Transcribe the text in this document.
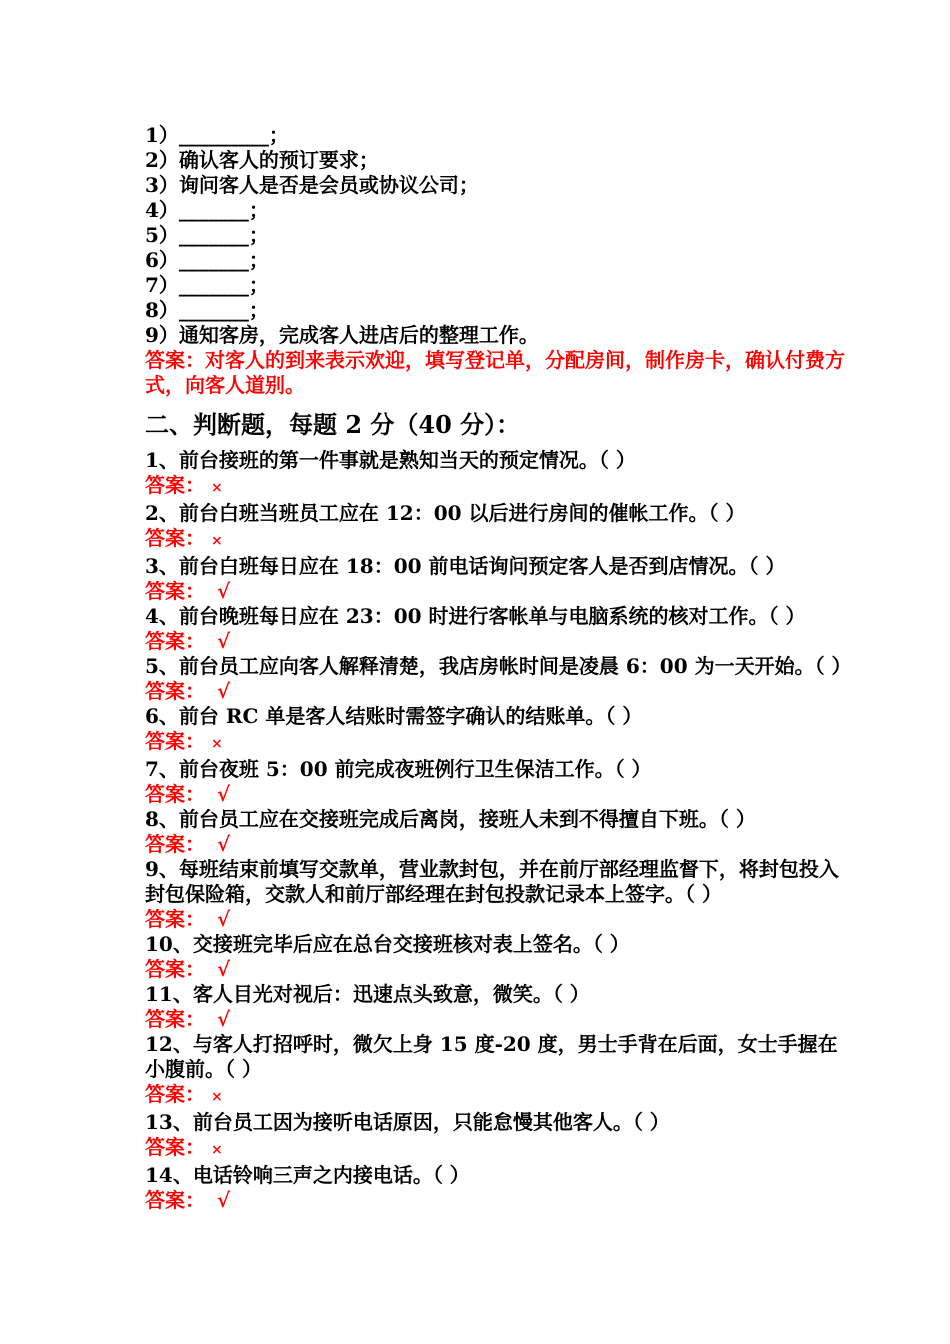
1）_________；
2）确认客人的预订要求；
3）询问客人是否是会员或协议公司；
4）_______；
5）_______；
6）_______；
7）_______；
8）_______；
9）通知客房，完成客人进店后的整理工作。
答案：对客人的到来表示欢迎，填写登记单，分配房间，制作房卡，确认付费方式，向客人道别。
二、判断题，每题 2 分（40 分）：
1、前台接班的第一件事就是熟知当天的预定情况。（ ）
答案： ×
2、前台白班当班员工应在 12：00 以后进行房间的催帐工作。（ ）
答案： ×
3、前台白班每日应在 18：00 前电话询问预定客人是否到店情况。（ ）
答案： √
4、前台晚班每日应在 23：00 时进行客帐单与电脑系统的核对工作。（ ）
答案： √
5、前台员工应向客人解释清楚，我店房帐时间是凌晨 6：00 为一天开始。（ ）
答案： √
6、前台 RC 单是客人结账时需签字确认的结账单。（ ）
答案： ×
7、前台夜班 5：00 前完成夜班例行卫生保洁工作。（ ）
答案： √
8、前台员工应在交接班完成后离岗，接班人未到不得擅自下班。（ ）
答案： √
9、每班结束前填写交款单，营业款封包，并在前厅部经理监督下，将封包投入封包保险箱，交款人和前厅部经理在封包投款记录本上签字。（ ）
答案： √
10、交接班完毕后应在总台交接班核对表上签名。（ ）
答案： √
11、客人目光对视后：迅速点头致意，微笑。（ ）
答案： √
12、与客人打招呼时，微欠上身 15 度-20 度，男士手背在后面，女士手握在小腹前。（ ）
答案： ×
13、前台员工因为接听电话原因，只能怠慢其他客人。（ ）
答案： ×
14、电话铃响三声之内接电话。（ ）
答案： √
